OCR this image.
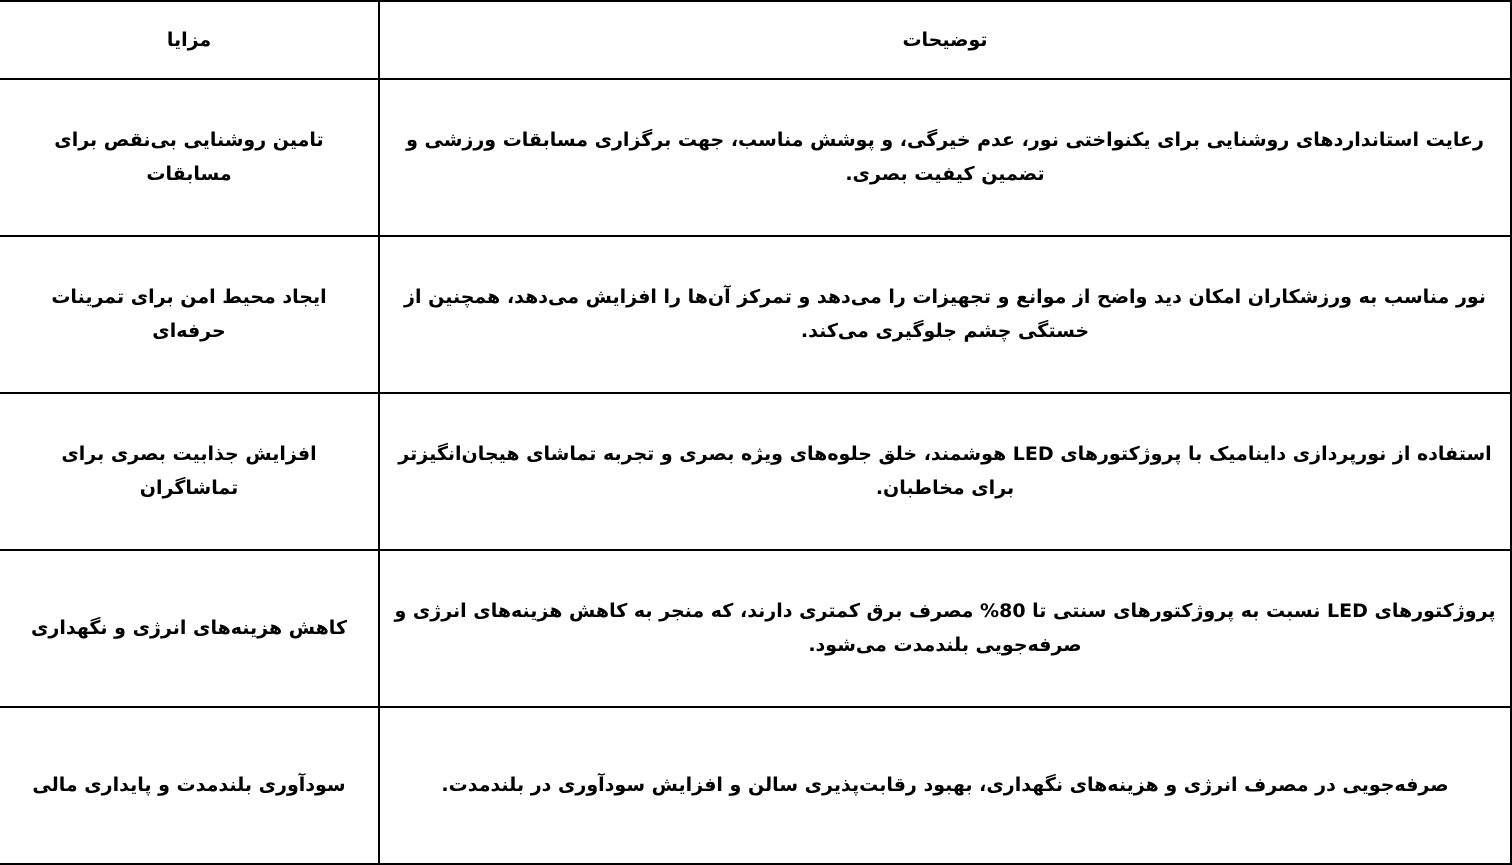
توضیحات	مزایا
رعایت استانداردهای روشنایی برای یکنواختی نور، عدم خیرگی، و پوشش مناسب، جهت برگزاری مسابقات ورزشی و تضمین کیفیت بصری.	تامین روشنایی بی‌نقص برای مسابقات
نور مناسب به ورزشکاران امکان دید واضح از موانع و تجهیزات را می‌دهد و تمرکز آن‌ها را افزایش می‌دهد، همچنین از خستگی چشم جلوگیری می‌کند.	ایجاد محیط امن برای تمرینات حرفه‌ای
استفاده از نورپردازی داینامیک با پروژکتورهای LED هوشمند، خلق جلوه‌های ویژه بصری و تجربه تماشای هیجان‌انگیزتر برای مخاطبان.	افزایش جذابیت بصری برای تماشاگران
پروژکتورهای LED نسبت به پروژکتورهای سنتی تا 80% مصرف برق کمتری دارند، که منجر به کاهش هزینه‌های انرژی و صرفه‌جویی بلندمدت می‌شود.	کاهش هزینه‌های انرژی و نگهداری
صرفه‌جویی در مصرف انرژی و هزینه‌های نگهداری، بهبود رقابت‌پذیری سالن و افزایش سودآوری در بلندمدت.	سودآوری بلندمدت و پایداری مالی
